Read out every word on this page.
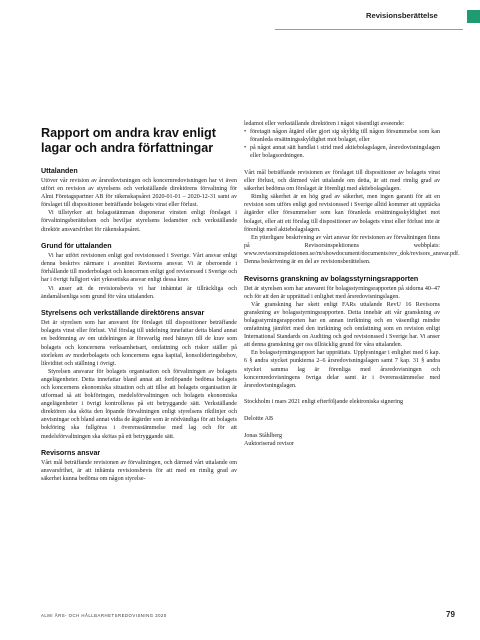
Revisionsberättelse
Rapport om andra krav enligt lagar och andra författningar
Uttalanden

Utöver vår revision av årsredovisningen och koncernredovisningen har vi även utfört en revision av styrelsens och verkställande direktörens förvaltning för Almi Företagspartner AB för räkenskapsåret 2020-01-01 – 2020-12-31 samt av förslaget till dispositioner beträffande bolagets vinst eller förlust.

Vi tillstyrker att bolagsstämman disponerar vinsten enligt förslaget i förvaltningsberättelsen och beviljar styrelsens ledamöter och verkställande direktör ansvarsfrihet för räkenskapsåret.

Grund för uttalanden

Vi har utfört revisionen enligt god revisionssed i Sverige. Vårt ansvar enligt denna beskrivs närmare i avsnittet Revisorns ansvar. Vi är oberoende i förhållande till moderbolaget och koncernen enligt god revisorssed i Sverige och har i övrigt fullgjort vårt yrkesetiska ansvar enligt dessa krav.

Vi anser att de revisionsbevis vi har inhämtat är tillräckliga och ändamålsenliga som grund för våra uttalanden.

Styrelsens och verkställande direktörens ansvar

Det är styrelsen som har ansvaret för förslaget till dispositioner beträffande bolagets vinst eller förlust. Vid förslag till utdelning innefattar detta bland annat en bedömning av om utdelningen är försvarlig med hänsyn till de krav som bolagets och koncernens verksamhetsart, omfattning och risker ställer på storleken av moderbolagets och koncernens egna kapital, konsolideringsbehov, likviditet och ställning i övrigt.

Styrelsen ansvarar för bolagets organisation och förvaltningen av bolagets angelägenheter. Detta innefattar bland annat att fortlöpande bedöma bolagets och koncernens ekonomiska situation och att tillse att bolagets organisation är utformad så att bokföringen, medelsförvaltningen och bolagets ekonomiska angelägenheter i övrigt kontrolleras på ett betryggande sätt. Verkställande direktören ska sköta den löpande förvaltningen enligt styrelsens riktlinjer och anvisningar och bland annat vidta de åtgärder som är nödvändiga för att bolagets bokföring ska fullgöras i överensstämmelse med lag och för att medelsförvaltningen ska skötas på ett betryggande sätt.

Revisorns ansvar

Vårt mål beträffande revisionen av förvaltningen, och därmed vårt uttalande om ansvarsfrihet, är att inhämta revisionsbevis för att med en rimlig grad av säkerhet kunna bedöma om någon styrelse-

ledamot eller verkställande direktören i något väsentligt avseende:

• företagit någon åtgärd eller gjort sig skyldig till någon försummelse som kan föranleda ersättningsskyldighet mot bolaget, eller
• på något annat sätt handlat i strid med aktiebolagslagen, årsredovisningslagen eller bolagsordningen.

Vårt mål beträffande revisionen av förslaget till dispositioner av bolagets vinst eller förlust, och därmed vårt uttalande om detta, är att med rimlig grad av säkerhet bedöma om förslaget är förenligt med aktiebolagslagen.

Rimlig säkerhet är en hög grad av säkerhet, men ingen garanti för att en revision som utförs enligt god revisionssed i Sverige alltid kommer att upptäcka åtgärder eller försummelser som kan föranleda ersättningsskyldighet mot bolaget, eller att ett förslag till dispositioner av bolagets vinst eller förlust inte är förenligt med aktiebolagslagen.

En ytterligare beskrivning av vårt ansvar för revisionen av förvaltningen finns på Revisorsinspektionens webbplats: www.revisorsinspektionen.se/rn/showdocument/documents/rev_dok/revisors_ansvar.pdf. Denna beskrivning är en del av revisionsberättelsen.

Revisorns granskning av bolagsstyrningsrapporten

Det är styrelsen som har ansvaret för bolagsstyrningsrapporten på sidorna 40–47 och för att den är upprättad i enlighet med årsredovisningslagen.

Vår granskning har skett enligt FARs uttalande RevU 16 Revisorns granskning av bolagsstyrningsrapporten. Detta innebär att vår granskning av bolagsstyrningsrapporten har en annan inriktning och en väsentligt mindre omfattning jämfört med den inriktning och omfattning som en revision enligt International Standards on Auditing och god revisionssed i Sverige har. Vi anser att denna granskning ger oss tillräcklig grund för våra uttalanden.

En bolagsstyrningsrapport har upprättats. Upplysningar i enlighet med 6 kap. 6 § andra stycket punkterna 2–6 årsredovisningslagen samt 7 kap. 31 § andra stycket samma lag är förenliga med årsredovisningen och koncernredovisningens övriga delar samt är i överensstämmelse med årsredovisningslagen.

Stockholm i mars 2021 enligt efterföljande elektroniska signering

Deloitte AB

Jonas Ståhlberg

Auktoriserad revisor

ALMI ÅRS- OCH HÅLLBARHETSREDOVISNING 2020	79
